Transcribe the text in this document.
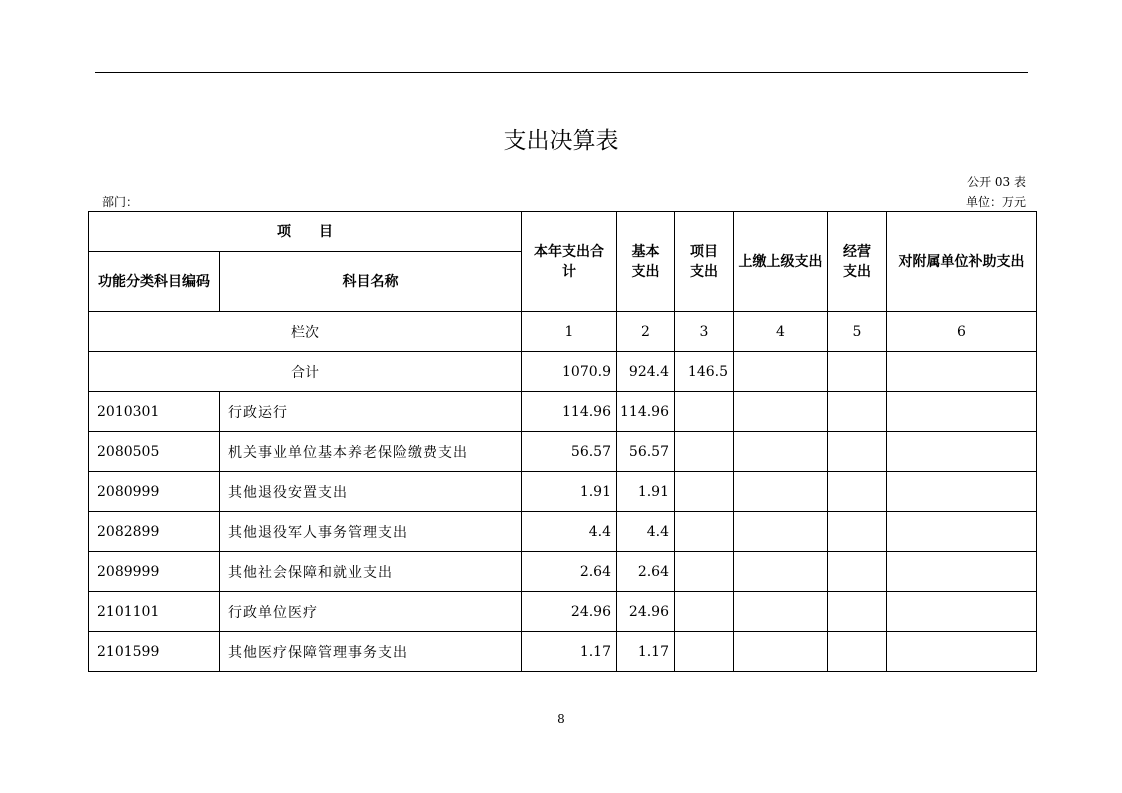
支出决算表
公开 03 表
部门：	单位：万元
项　　目		本年支出合计	基本支出	项目支出	上缴上级支出	经营支出	对附属单位补助支出

功能分类科目编码	科目名称						
栏次		1	2	3	4	5	6
合计		1070.9	924.4	146.5			
2010301	行政运行	114.96	114.96				
2080505	机关事业单位基本养老保险缴费支出	56.57	56.57				
2080999	其他退役安置支出	1.91	1.91				
2082899	其他退役军人事务管理支出	4.4	4.4				
2089999	其他社会保障和就业支出	2.64	2.64				
2101101	行政单位医疗	24.96	24.96				
2101599	其他医疗保障管理事务支出	1.17	1.17				
8
